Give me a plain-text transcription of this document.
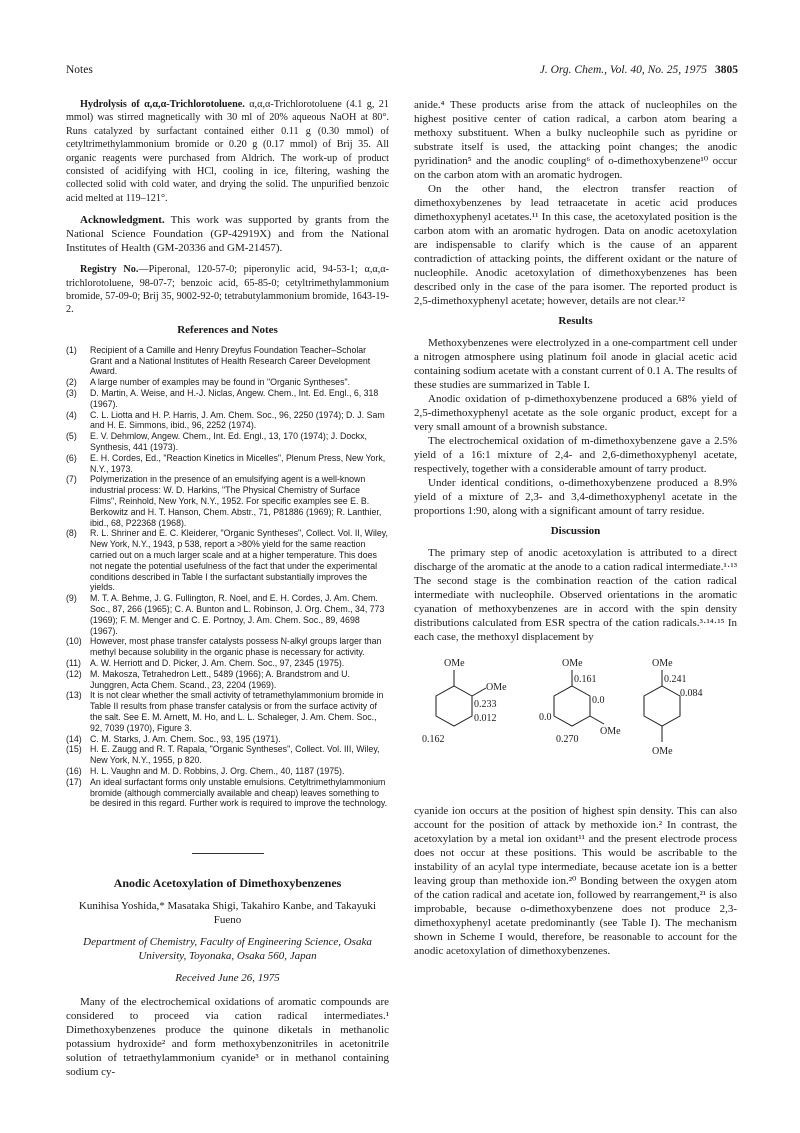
Notes	J. Org. Chem., Vol. 40, No. 25, 1975 3805

Hydrolysis of α,α,α-Trichlorotoluene. α,α,α-Trichlorotoluene (4.1 g, 21 mmol) was stirred magnetically with 30 ml of 20% aqueous NaOH at 80°. Runs catalyzed by surfactant contained either 0.11 g (0.30 mmol) of cetyltrimethylammonium bromide or 0.20 g (0.17 mmol) of Brij 35. All organic reagents were purchased from Aldrich. The work-up of product consisted of acidifying with HCl, cooling in ice, filtering, washing the collected solid with cold water, and drying the solid. The unpurified benzoic acid melted at 119–121°.

Acknowledgment. This work was supported by grants from the National Science Foundation (GP-42919X) and from the National Institutes of Health (GM-20336 and GM-21457).

Registry No.—Piperonal, 120-57-0; piperonylic acid, 94-53-1; α,α,α-trichlorotoluene, 98-07-7; benzoic acid, 65-85-0; cetyltrimethylammonium bromide, 57-09-0; Brij 35, 9002-92-0; tetrabutylammonium bromide, 1643-19-2.

References and Notes
(1) Recipient of a Camille and Henry Dreyfus Foundation Teacher–Scholar Grant and a National Institutes of Health Research Career Development Award.
(2) A large number of examples may be found in "Organic Syntheses".
(3) D. Martin, A. Weise, and H.-J. Niclas, Angew. Chem., Int. Ed. Engl., 6, 318 (1967).
(4) C. L. Liotta and H. P. Harris, J. Am. Chem. Soc., 96, 2250 (1974); D. J. Sam and H. E. Simmons, ibid., 96, 2252 (1974).
(5) E. V. Dehmlow, Angew. Chem., Int. Ed. Engl., 13, 170 (1974); J. Dockx, Synthesis, 441 (1973).
(6) E. H. Cordes, Ed., "Reaction Kinetics in Micelles", Plenum Press, New York, N.Y., 1973.
(7) Polymerization in the presence of an emulsifying agent is a well-known industrial process: W. D. Harkins, "The Physical Chemistry of Surface Films", Reinhold, New York, N.Y., 1952. For specific examples see E. B. Berkowitz and H. T. Hanson, Chem. Abstr., 71, P81886 (1969); R. Lanthier, ibid., 68, P22368 (1968).
(8) R. L. Shriner and E. C. Kleiderer, "Organic Syntheses", Collect. Vol. II, Wiley, New York, N.Y., 1943, p 538, report a >80% yield for the same reaction carried out on a much larger scale and at a higher temperature. This does not negate the potential usefulness of the fact that under the experimental conditions described in Table I the surfactant substantially improves the yields.
(9) M. T. A. Behme, J. G. Fullington, R. Noel, and E. H. Cordes, J. Am. Chem. Soc., 87, 266 (1965); C. A. Bunton and L. Robinson, J. Org. Chem., 34, 773 (1969); F. M. Menger and C. E. Portnoy, J. Am. Chem. Soc., 89, 4698 (1967).
(10) However, most phase transfer catalysts possess N-alkyl groups larger than methyl because solubility in the organic phase is necessary for activity.
(11) A. W. Herriott and D. Picker, J. Am. Chem. Soc., 97, 2345 (1975).
(12) M. Makosza, Tetrahedron Lett., 5489 (1966); A. Brandstrom and U. Junggren, Acta Chem. Scand., 23, 2204 (1969).
(13) It is not clear whether the small activity of tetramethylammonium bromide in Table II results from phase transfer catalysis or from the surface activity of the salt. See E. M. Arnett, M. Ho, and L. L. Schaleger, J. Am. Chem. Soc., 92, 7039 (1970), Figure 3.
(14) C. M. Starks, J. Am. Chem. Soc., 93, 195 (1971).
(15) H. E. Zaugg and R. T. Rapala, "Organic Syntheses", Collect. Vol. III, Wiley, New York, N.Y., 1955, p 820.
(16) H. L. Vaughn and M. D. Robbins, J. Org. Chem., 40, 1187 (1975).
(17) An ideal surfactant forms only unstable emulsions. Cetyltrimethylammonium bromide (although commercially available and cheap) leaves something to be desired in this regard. Further work is required to improve the technology.
Anodic Acetoxylation of Dimethoxybenzenes
Kunihisa Yoshida,* Masataka Shigi, Takahiro Kanbe, and Takayuki Fueno
Department of Chemistry, Faculty of Engineering Science, Osaka University, Toyonaka, Osaka 560, Japan
Received June 26, 1975

Many of the electrochemical oxidations of aromatic compounds are considered to proceed via cation radical intermediates.¹ Dimethoxybenzenes produce the quinone diketals in methanolic potassium hydroxide² and form methoxybenzonitriles in acetonitrile solution of tetraethylammonium cyanide³ or in methanol containing sodium cy-

anide.⁴ These products arise from the attack of nucleophiles on the highest positive center of cation radical, a carbon atom bearing a methoxy substituent. When a bulky nucleophile such as pyridine or substrate itself is used, the attacking point changes; the anodic pyridination⁵ and the anodic coupling⁶ of o-dimethoxybenzene¹⁰ occur on the carbon atom with an aromatic hydrogen.

On the other hand, the electron transfer reaction of dimethoxybenzenes by lead tetraacetate in acetic acid produces dimethoxyphenyl acetates.¹¹ In this case, the acetoxylated position is the carbon atom with an aromatic hydrogen. Data on anodic acetoxylation are indispensable to clarify which is the cause of an apparent contradiction of attacking points, the different oxidant or the nature of nucleophile. Anodic acetoxylation of dimethoxybenzenes has been described only in the case of the para isomer. The reported product is 2,5-dimethoxyphenyl acetate; however, details are not clear.¹²

Results

Methoxybenzenes were electrolyzed in a one-compartment cell under a nitrogen atmosphere using platinum foil anode in glacial acetic acid containing sodium acetate with a constant current of 0.1 A. The results of these studies are summarized in Table I.

Anodic oxidation of p-dimethoxybenzene produced a 68% yield of 2,5-dimethoxyphenyl acetate as the sole organic product, except for a very small amount of a brownish substance.

The electrochemical oxidation of m-dimethoxybenzene gave a 2.5% yield of a 16:1 mixture of 2,4- and 2,6-dimethoxyphenyl acetate, respectively, together with a considerable amount of tarry product.

Under identical conditions, o-dimethoxybenzene produced a 8.9% yield of a mixture of 2,3- and 3,4-dimethoxyphenyl acetate in the proportions 1:90, along with a significant amount of tarry residue.

Discussion

The primary step of anodic acetoxylation is attributed to a direct discharge of the aromatic at the anode to a cation radical intermediate.¹·¹³ The second stage is the combination reaction of the cation radical intermediate with nucleophile. Observed orientations in the aromatic cyanation of methoxybenzenes are in accord with the spin density distributions calculated from ESR spectra of the cation radicals.³·¹⁴·¹⁵ In each case, the methoxyl displacement by

OMe
OMe
0.233
0.012
0.162
OMe
0.161
0.0
0.0
0.270
OMe
OMe
0.241
0.084
OMe

cyanide ion occurs at the position of highest spin density. This can also account for the position of attack by methoxide ion.² In contrast, the acetoxylation by a metal ion oxidant¹¹ and the present electrode process does not occur at these positions. This would be ascribable to the instability of an acylal type intermediate, because acetate ion is a better leaving group than methoxide ion.²⁰ Bonding between the oxygen atom of the cation radical and acetate ion, followed by rearrangement,²¹ is also improbable, because o-dimethoxybenzene does not produce 2,3-dimethoxyphenyl acetate predominantly (see Table I). The mechanism shown in Scheme I would, therefore, be reasonable to account for the anodic acetoxylation of dimethoxybenzenes.
